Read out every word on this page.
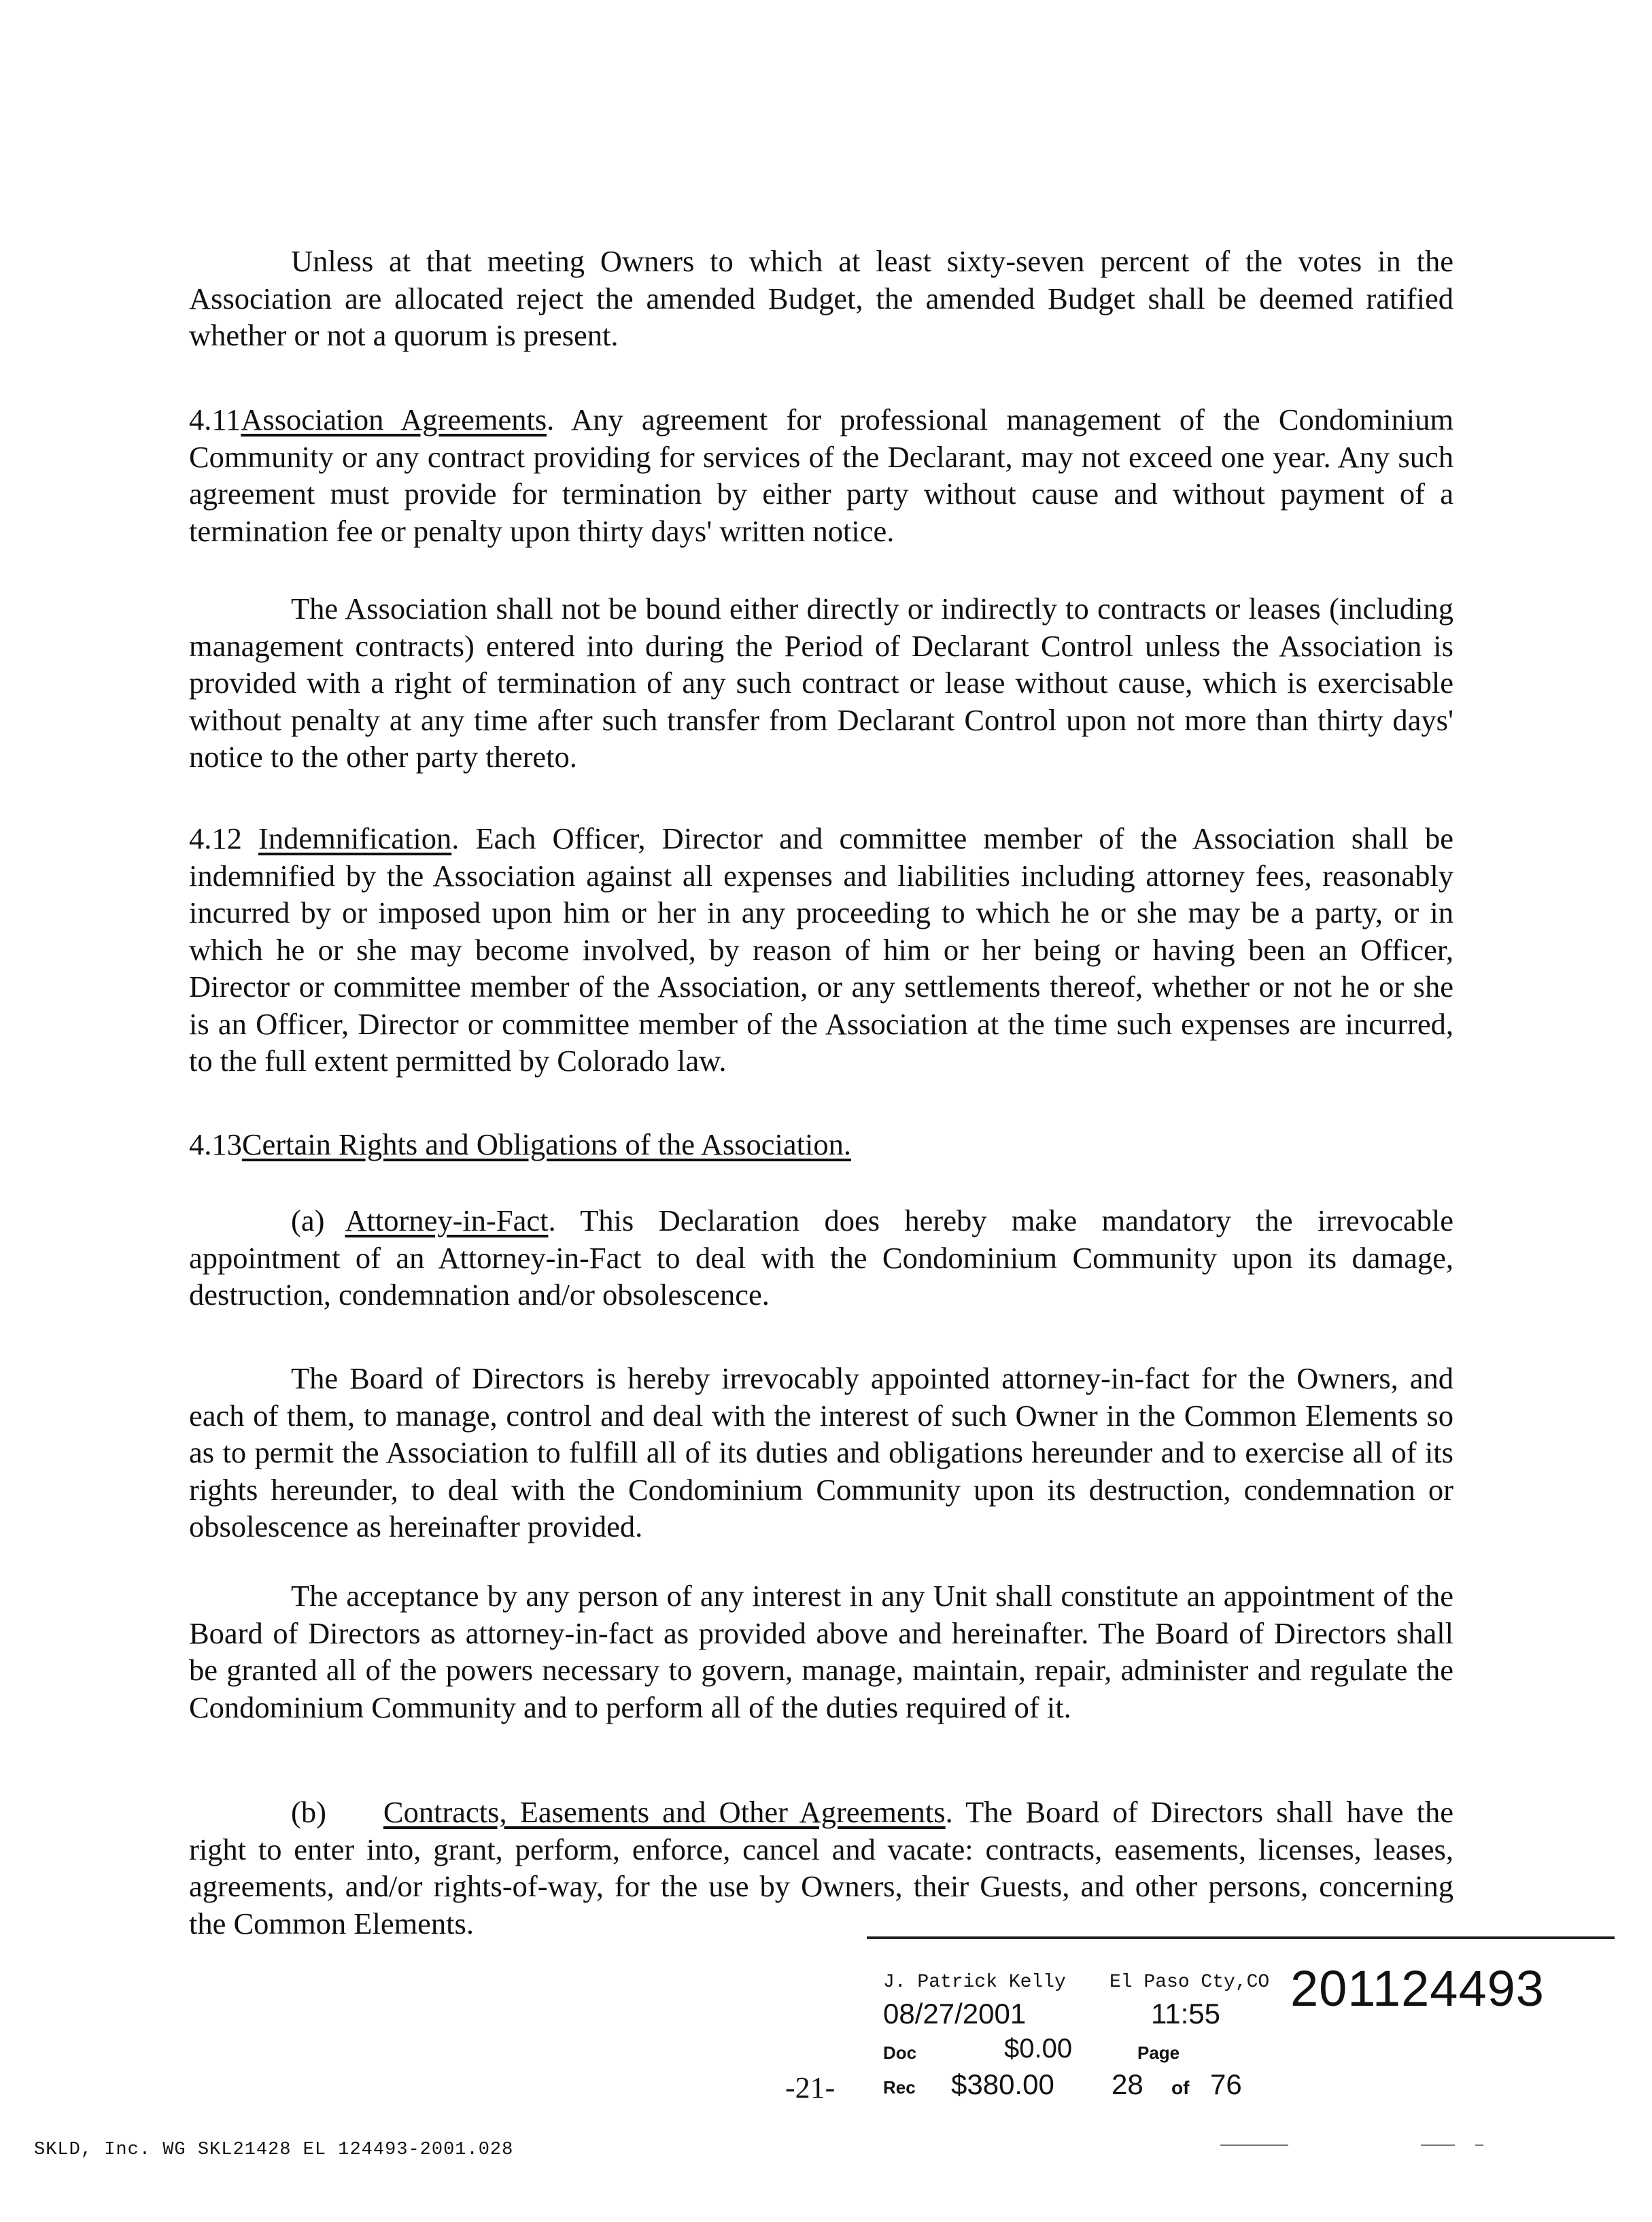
Unless at that meeting Owners to which at least sixty-seven percent of the votes in the Association are allocated reject the amended Budget, the amended Budget shall be deemed ratified whether or not a quorum is present.

4.11Association Agreements. Any agreement for professional management of the Condominium Community or any contract providing for services of the Declarant, may not exceed one year. Any such agreement must provide for termination by either party without cause and without payment of a termination fee or penalty upon thirty days' written notice.

The Association shall not be bound either directly or indirectly to contracts or leases (including management contracts) entered into during the Period of Declarant Control unless the Association is provided with a right of termination of any such contract or lease without cause, which is exercisable without penalty at any time after such transfer from Declarant Control upon not more than thirty days' notice to the other party thereto.

4.12 Indemnification. Each Officer, Director and committee member of the Association shall be indemnified by the Association against all expenses and liabilities including attorney fees, reasonably incurred by or imposed upon him or her in any proceeding to which he or she may be a party, or in which he or she may become involved, by reason of him or her being or having been an Officer, Director or committee member of the Association, or any settlements thereof, whether or not he or she is an Officer, Director or committee member of the Association at the time such expenses are incurred, to the full extent permitted by Colorado law.

4.13Certain Rights and Obligations of the Association.

(a) Attorney-in-Fact. This Declaration does hereby make mandatory the irrevocable appointment of an Attorney-in-Fact to deal with the Condominium Community upon its damage, destruction, condemnation and/or obsolescence.

The Board of Directors is hereby irrevocably appointed attorney-in-fact for the Owners, and each of them, to manage, control and deal with the interest of such Owner in the Common Elements so as to permit the Association to fulfill all of its duties and obligations hereunder and to exercise all of its rights hereunder, to deal with the Condominium Community upon its destruction, condemnation or obsolescence as hereinafter provided.

The acceptance by any person of any interest in any Unit shall constitute an appointment of the Board of Directors as attorney-in-fact as provided above and hereinafter. The Board of Directors shall be granted all of the powers necessary to govern, manage, maintain, repair, administer and regulate the Condominium Community and to perform all of the duties required of it.

(b) Contracts, Easements and Other Agreements. The Board of Directors shall have the right to enter into, grant, perform, enforce, cancel and vacate: contracts, easements, licenses, leases, agreements, and/or rights-of-way, for the use by Owners, their Guests, and other persons, concerning the Common Elements.

J. Patrick Kelly El Paso Cty,CO 201124493
08/27/2001	11:55
Doc	$0.00	Page
Rec $380.00 28 of 76
-21-
SKLD, Inc. WG SKL21428 EL 124493-2001.028
